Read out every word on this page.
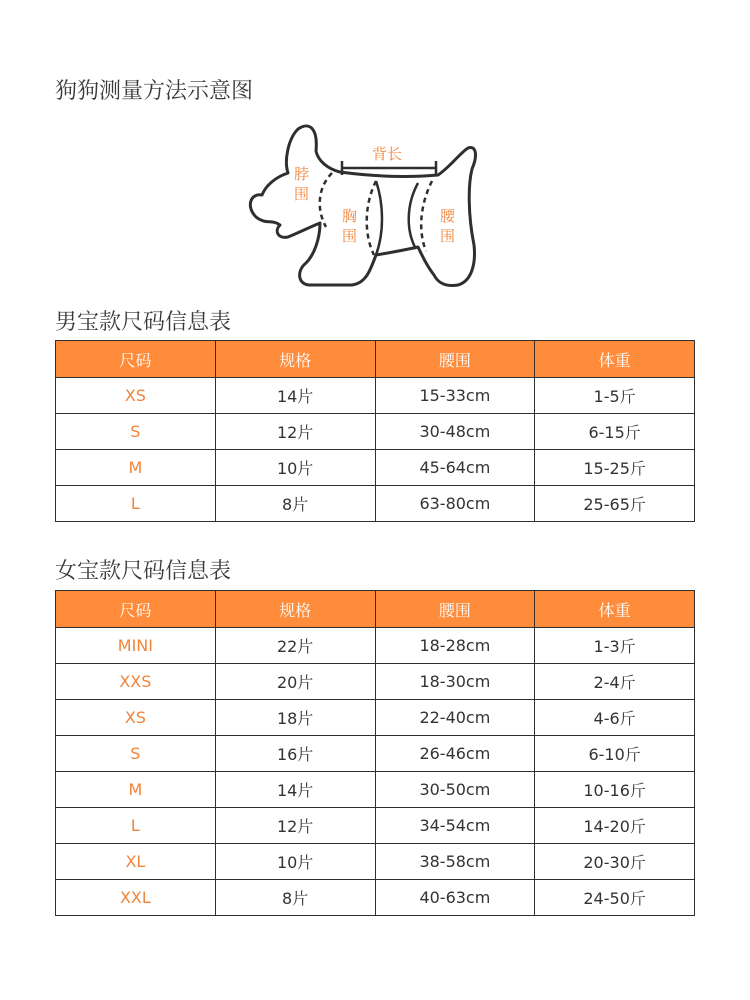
狗狗测量方法示意图
背长
脖
围
胸
围
腰
围
男宝款尺码信息表
尺码	规格	腰围	体重
XS	14片	15-33cm	1-5斤
S	12片	30-48cm	6-15斤
M	10片	45-64cm	15-25斤
L	8片	63-80cm	25-65斤
女宝款尺码信息表
尺码	规格	腰围	体重
MINI	22片	18-28cm	1-3斤
XXS	20片	18-30cm	2-4斤
XS	18片	22-40cm	4-6斤
S	16片	26-46cm	6-10斤
M	14片	30-50cm	10-16斤
L	12片	34-54cm	14-20斤
XL	10片	38-58cm	20-30斤
XXL	8片	40-63cm	24-50斤
